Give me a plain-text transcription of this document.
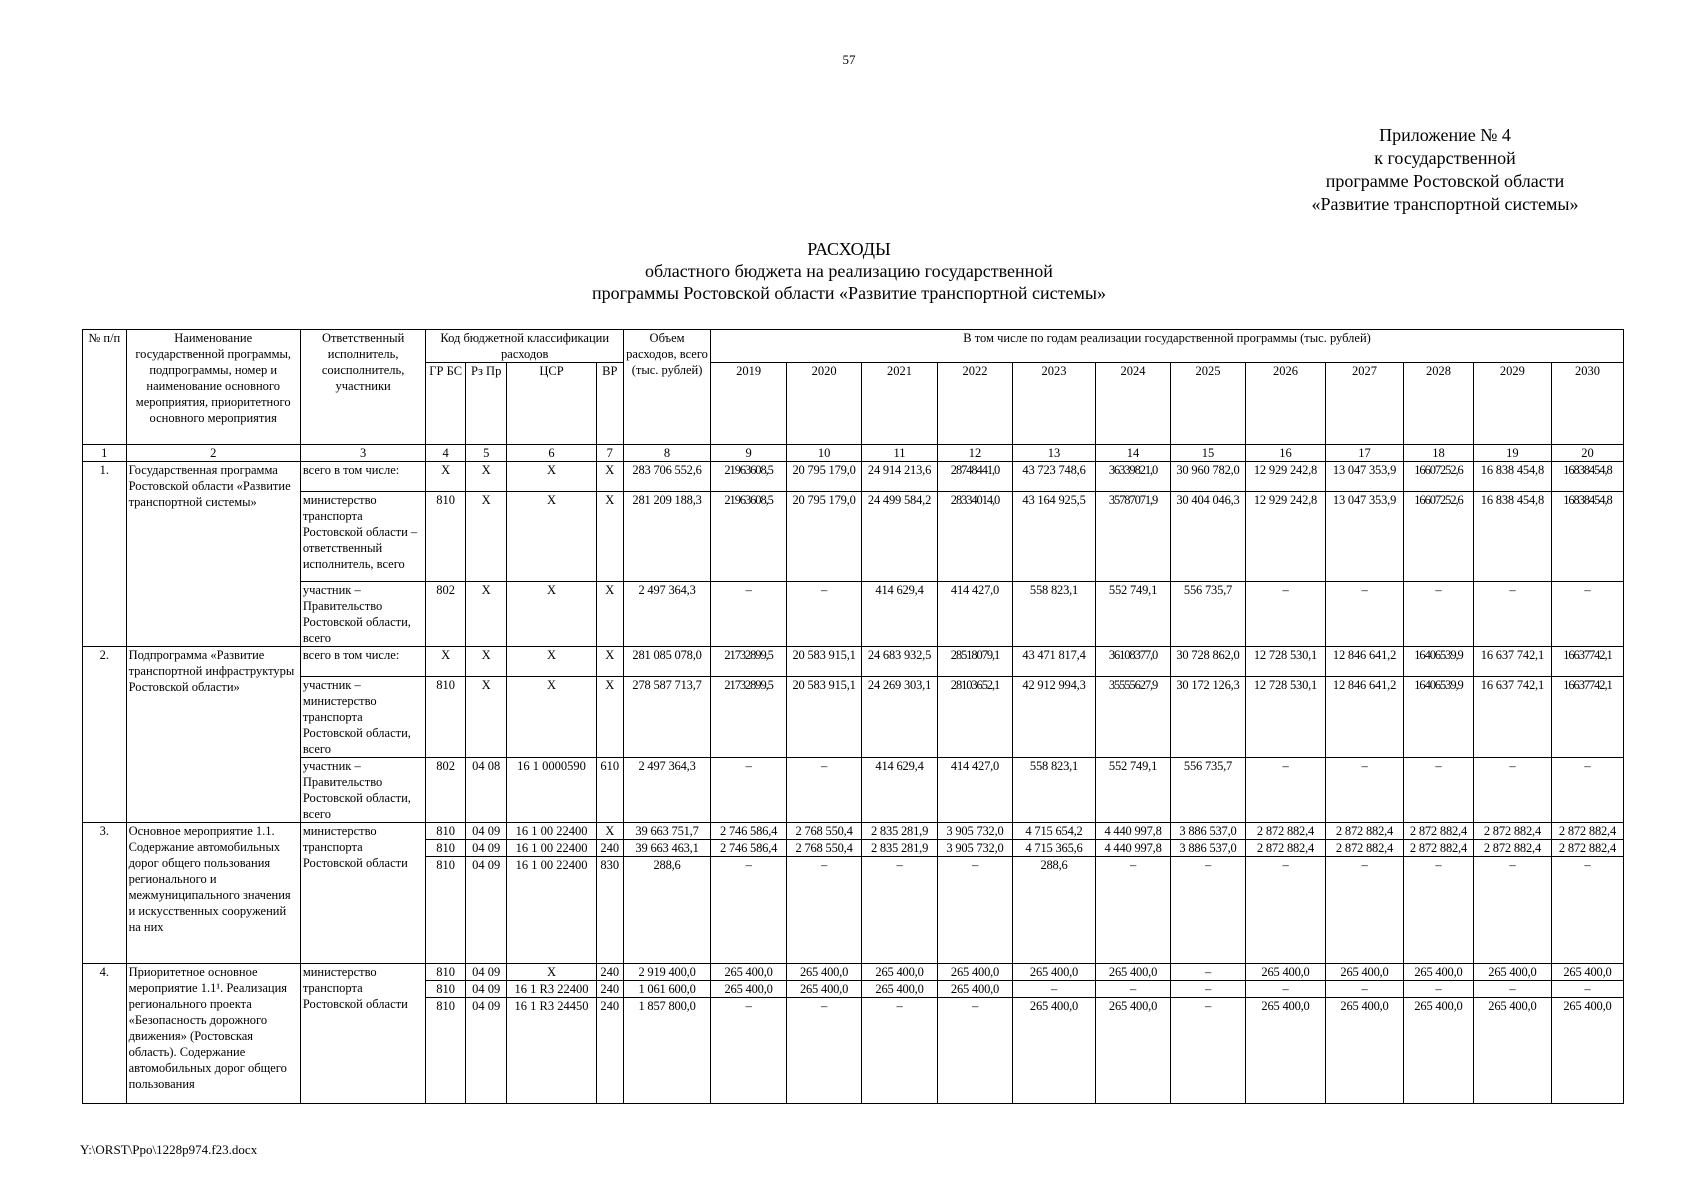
57
Приложение № 4
к государственной
программе Ростовской области
«Развитие транспортной системы»
РАСХОДЫ
областного бюджета на реализацию государственной
программы Ростовской области «Развитие транспортной системы»
№ п/п	Наименование государственной программы, подпрограммы, номер и наименование основного мероприятия, приоритетного основного мероприятия	Ответственный исполнитель, соисполнитель, участники	Код бюджетной классификации расходов				Объем расходов, всего (тыс. рублей)	В том числе по годам реализации государственной программы (тыс. рублей)											
			ГР БС	Рз Пр	ЦСР	ВР		2019	2020	2021	2022	2023	2024	2025	2026	2027	2028	2029	2030
1	2	3	4	5	6	7	8	9	10	11	12	13	14	15	16	17	18	19	20
1.	Государственная программа Ростовской области «Развитие транспортной системы»	всего в том числе:	Х	Х	Х	Х	283 706 552,6	21963608,5	20 795 179,0	24 914 213,6	28748441,0	43 723 748,6	36339821,0	30 960 782,0	12 929 242,8	13 047 353,9	16607252,6	16 838 454,8	16838454,8
		министерство транспорта Ростовской области – ответственный исполнитель, всего	810	Х	Х	Х	281 209 188,3	21963608,5	20 795 179,0	24 499 584,2	28334014,0	43 164 925,5	35787071,9	30 404 046,3	12 929 242,8	13 047 353,9	16607252,6	16 838 454,8	16838454,8
		участник – Правительство Ростовской области, всего	802	Х	Х	Х	2 497 364,3	–	–	414 629,4	414 427,0	558 823,1	552 749,1	556 735,7	–	–	–	–	–
2.	Подпрограмма «Развитие транспортной инфраструктуры Ростовской области»	всего в том числе:	Х	Х	Х	Х	281 085 078,0	21732899,5	20 583 915,1	24 683 932,5	28518079,1	43 471 817,4	36108377,0	30 728 862,0	12 728 530,1	12 846 641,2	16406539,9	16 637 742,1	16637742,1
		участник – министерство транспорта Ростовской области, всего	810	Х	Х	Х	278 587 713,7	21732899,5	20 583 915,1	24 269 303,1	28103652,1	42 912 994,3	35555627,9	30 172 126,3	12 728 530,1	12 846 641,2	16406539,9	16 637 742,1	16637742,1
		участник – Правительство Ростовской области, всего	802	04 08	16 1 0000590	610	2 497 364,3	–	–	414 629,4	414 427,0	558 823,1	552 749,1	556 735,7	–	–	–	–	–
3.	Основное мероприятие 1.1. Содержание автомобильных дорог общего пользования регионального и межмуниципального значения и искусственных сооружений на них	министерство транспорта Ростовской области	810	04 09	16 1 00 22400	Х	39 663 751,7	2 746 586,4	2 768 550,4	2 835 281,9	3 905 732,0	4 715 654,2	4 440 997,8	3 886 537,0	2 872 882,4	2 872 882,4	2 872 882,4	2 872 882,4	2 872 882,4
			810	04 09	16 1 00 22400	240	39 663 463,1	2 746 586,4	2 768 550,4	2 835 281,9	3 905 732,0	4 715 365,6	4 440 997,8	3 886 537,0	2 872 882,4	2 872 882,4	2 872 882,4	2 872 882,4	2 872 882,4
			810	04 09	16 1 00 22400	830	288,6	–	–	–	–	288,6	–	–	–	–	–	–	–
4.	Приоритетное основное мероприятие 1.1¹. Реализация регионального проекта «Безопасность дорожного движения» (Ростовская область). Содержание автомобильных дорог общего пользования	министерство транспорта Ростовской области	810	04 09	Х	240	2 919 400,0	265 400,0	265 400,0	265 400,0	265 400,0	265 400,0	265 400,0	–	265 400,0	265 400,0	265 400,0	265 400,0	265 400,0
			810	04 09	16 1 R3 22400	240	1 061 600,0	265 400,0	265 400,0	265 400,0	265 400,0	–	–	–	–	–	–	–	–
			810	04 09	16 1 R3 24450	240	1 857 800,0	–	–	–	–	265 400,0	265 400,0	–	265 400,0	265 400,0	265 400,0	265 400,0	265 400,0
Y:\ORST\Ppo\1228p974.f23.docx
